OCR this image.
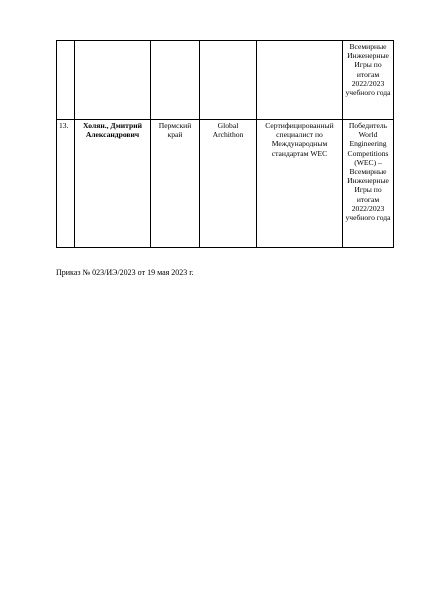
					Всемирные Инженерные Игры по итогам 2022/2023 учебного года
13.	Холян., Дмитрий Александрович	Пермский край	Global Archithon	Сертифицированный специалист по Международным стандартам WEC	Победитель World Engineering Competitions (WEC) – Всемирные Инженерные Игры по итогам 2022/2023 учебного года
Приказ № 023/ИЭ/2023 от 19 мая 2023 г.
